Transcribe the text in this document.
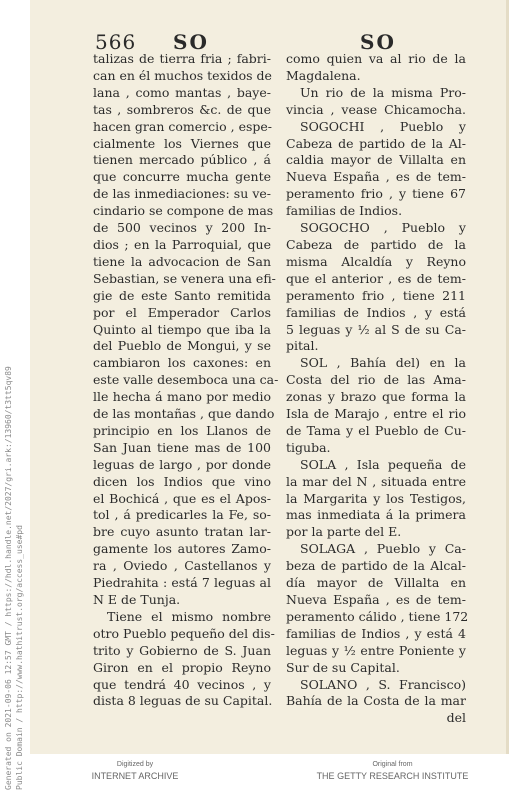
566 SO	SO
talizas de tierra fria ; fabri-
can en él muchos texidos de
lana , como mantas , baye-
tas , sombreros &c. de que
hacen gran comercio , espe-
cialmente los Viernes que
tienen mercado público , á
que concurre mucha gente
de las inmediaciones: su ve-
cindario se compone de mas
de 500 vecinos y 200 In-
dios ; en la Parroquial, que
tiene la advocacion de San
Sebastian, se venera una efi-
gie de este Santo remitida
por el Emperador Carlos
Quinto al tiempo que iba la
del Pueblo de Mongui, y se
cambiaron los caxones: en
este valle desemboca una ca-
lle hecha á mano por medio
de las montañas , que dando
principio en los Llanos de
San Juan tiene mas de 100
leguas de largo , por donde
dicen los Indios que vino
el Bochicá , que es el Apos-
tol , á predicarles la Fe, so-
bre cuyo asunto tratan lar-
gamente los autores Zamo-
ra , Oviedo , Castellanos y
Piedrahita : está 7 leguas al
N E de Tunja.
Tiene el mismo nombre
otro Pueblo pequeño del dis-
trito y Gobierno de S. Juan
Giron en el propio Reyno
que tendrá 40 vecinos , y
dista 8 leguas de su Capital.
como quien va al rio de la
Magdalena.
Un rio de la misma Pro-
vincia , vease Chicamocha.
SOGOCHI , Pueblo y
Cabeza de partido de la Al-
caldia mayor de Villalta en
Nueva España , es de tem-
peramento frio , y tiene 67
familias de Indios.
SOGOCHO , Pueblo y
Cabeza de partido de la
misma Alcaldía y Reyno
que el anterior , es de tem-
peramento frio , tiene 211
familias de Indios , y está
5 leguas y ½ al S de su Ca-
pital.
SOL , Bahía del) en la
Costa del rio de las Ama-
zonas y brazo que forma la
Isla de Marajo , entre el rio
de Tama y el Pueblo de Cu-
tiguba.
SOLA , Isla pequeña de
la mar del N , situada entre
la Margarita y los Testigos,
mas inmediata á la primera
por la parte del E.
SOLAGA , Pueblo y Ca-
beza de partido de la Alcal-
día mayor de Villalta en
Nueva España , es de tem-
peramento cálido , tiene 172
familias de Indios , y está 4
leguas y ½ entre Poniente y
Sur de su Capital.
SOLANO , S. Francisco)
Bahía de la Costa de la mar
del
Generated on 2021-09-06 12:57 GMT / https://hdl.handle.net/2027/gri.ark:/13960/t3tt5qv89 Public Domain / http://www.hathitrust.org/access_use#pd	Digitized by
INTERNET ARCHIVE
Original from
THE GETTY RESEARCH INSTITUTE
